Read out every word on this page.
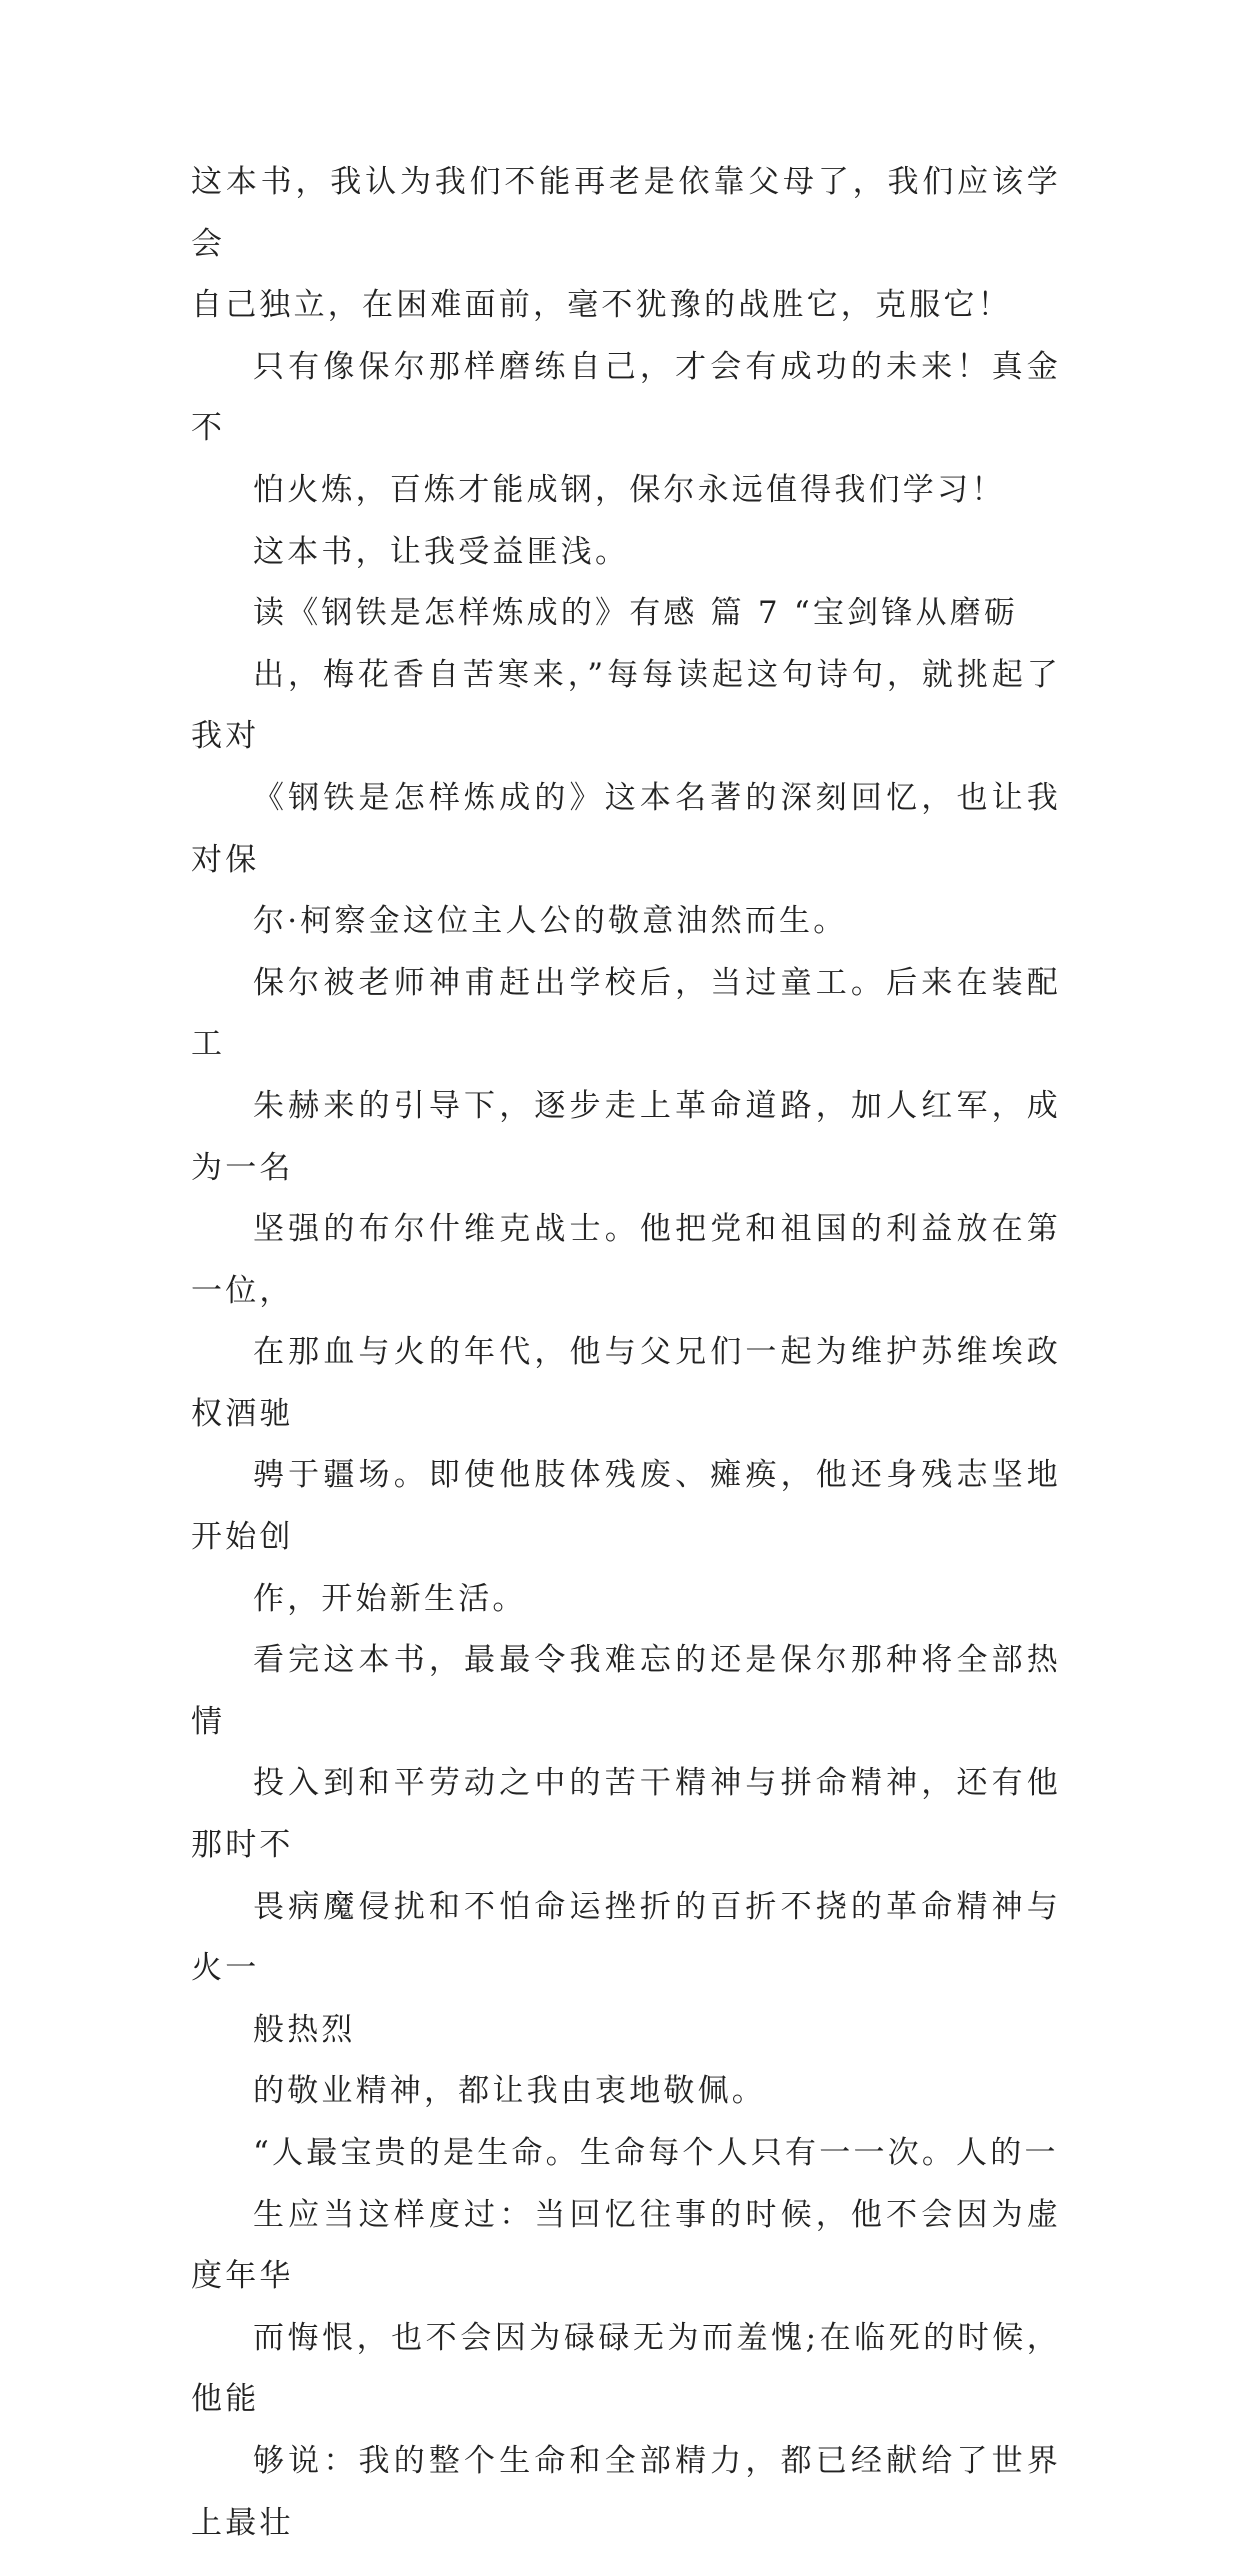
这本书，我认为我们不能再老是依靠父母了，我们应该学会
自己独立，在困难面前，毫不犹豫的战胜它，克服它！

只有像保尔那样磨练自己，才会有成功的未来！真金不
怕火炼，百炼才能成钢，保尔永远值得我们学习！

这本书，让我受益匪浅。

读《钢铁是怎样炼成的》有感 篇 7 “宝剑锋从磨砺
出，梅花香自苦寒来，”每每读起这句诗句，就挑起了我对
《钢铁是怎样炼成的》这本名著的深刻回忆，也让我对保
尔·柯察金这位主人公的敬意油然而生。

保尔被老师神甫赶出学校后，当过童工。后来在装配工
朱赫来的引导下，逐步走上革命道路，加人红军，成为一名
坚强的布尔什维克战士。他把党和祖国的利益放在第一位，
在那血与火的年代，他与父兄们一起为维护苏维埃政权酒驰
骋于疆场。即使他肢体残废、瘫痪，他还身残志坚地开始创
作，开始新生活。

看完这本书，最最令我难忘的还是保尔那种将全部热情
投入到和平劳动之中的苦干精神与拼命精神，还有他那时不
畏病魔侵扰和不怕命运挫折的百折不挠的革命精神与火一
般热烈

的敬业精神，都让我由衷地敬佩。

“人最宝贵的是生命。生命每个人只有一一次。人的一
生应当这样度过：当回忆往事的时候，他不会因为虚度年华
而悔恨，也不会因为碌碌无为而羞愧;在临死的时候，他能
够说：我的整个生命和全部精力，都已经献给了世界上最壮
